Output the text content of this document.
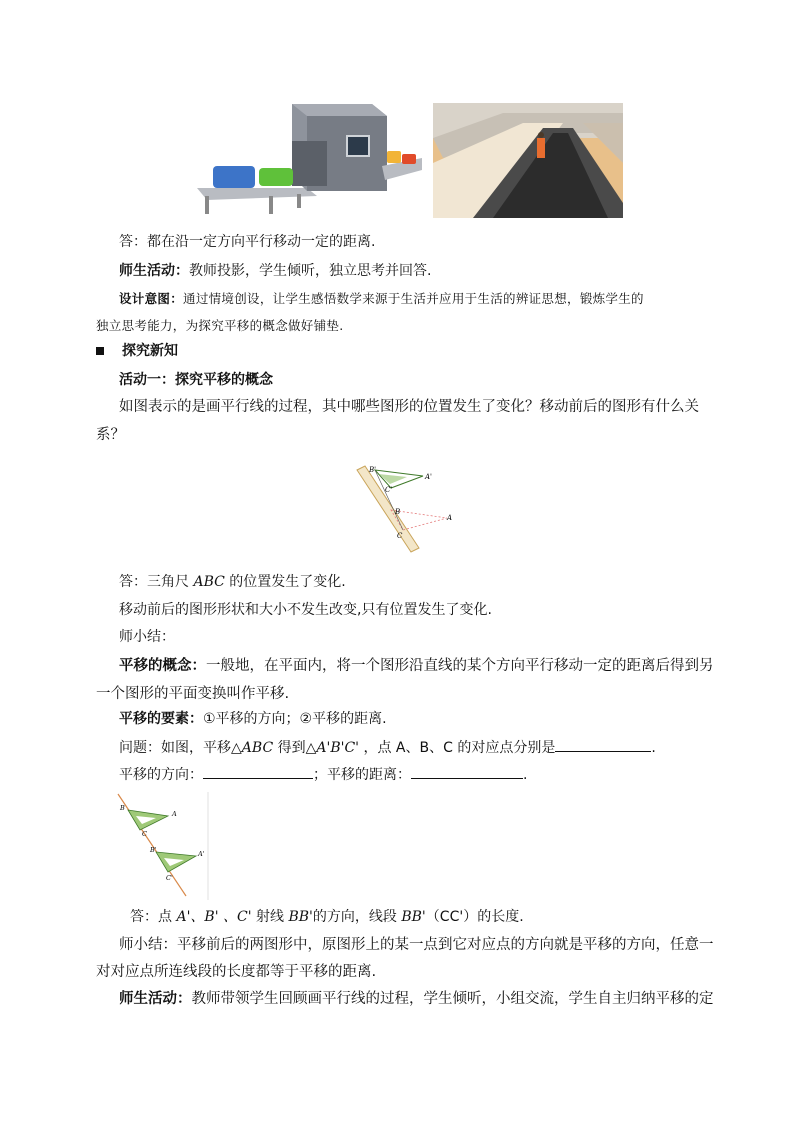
答：都在沿一定方向平行移动一定的距离.
师生活动：教师投影，学生倾听，独立思考并回答.
设计意图：通过情境创设，让学生感悟数学来源于生活并应用于生活的辨证思想，锻炼学生的
独立思考能力，为探究平移的概念做好铺垫.
探究新知
活动一：探究平移的概念
如图表示的是画平行线的过程，其中哪些图形的位置发生了变化？移动前后的图形有什么关
系？
B'
A'
C'
B
A
C
答：三角尺 ABC 的位置发生了变化.
移动前后的图形形状和大小不发生改变,只有位置发生了变化.
师小结：
平移的概念：一般地，在平面内，将一个图形沿直线的某个方向平行移动一定的距离后得到另
一个图形的平面变换叫作平移.
平移的要素：①平移的方向；②平移的距离.
问题：如图，平移△ABC 得到△A'B'C' ，点 A、B、C 的对应点分别是	.
平移的方向：	；平移的距离：	.
B
A
C
B'	A'
C'
答：点 A'、B' 、C' 射线 BB'的方向，线段 BB'（CC'）的长度.
师小结：平移前后的两图形中，原图形上的某一点到它对应点的方向就是平移的方向，任意一
对对应点所连线段的长度都等于平移的距离.
师生活动：教师带领学生回顾画平行线的过程，学生倾听，小组交流，学生自主归纳平移的定
